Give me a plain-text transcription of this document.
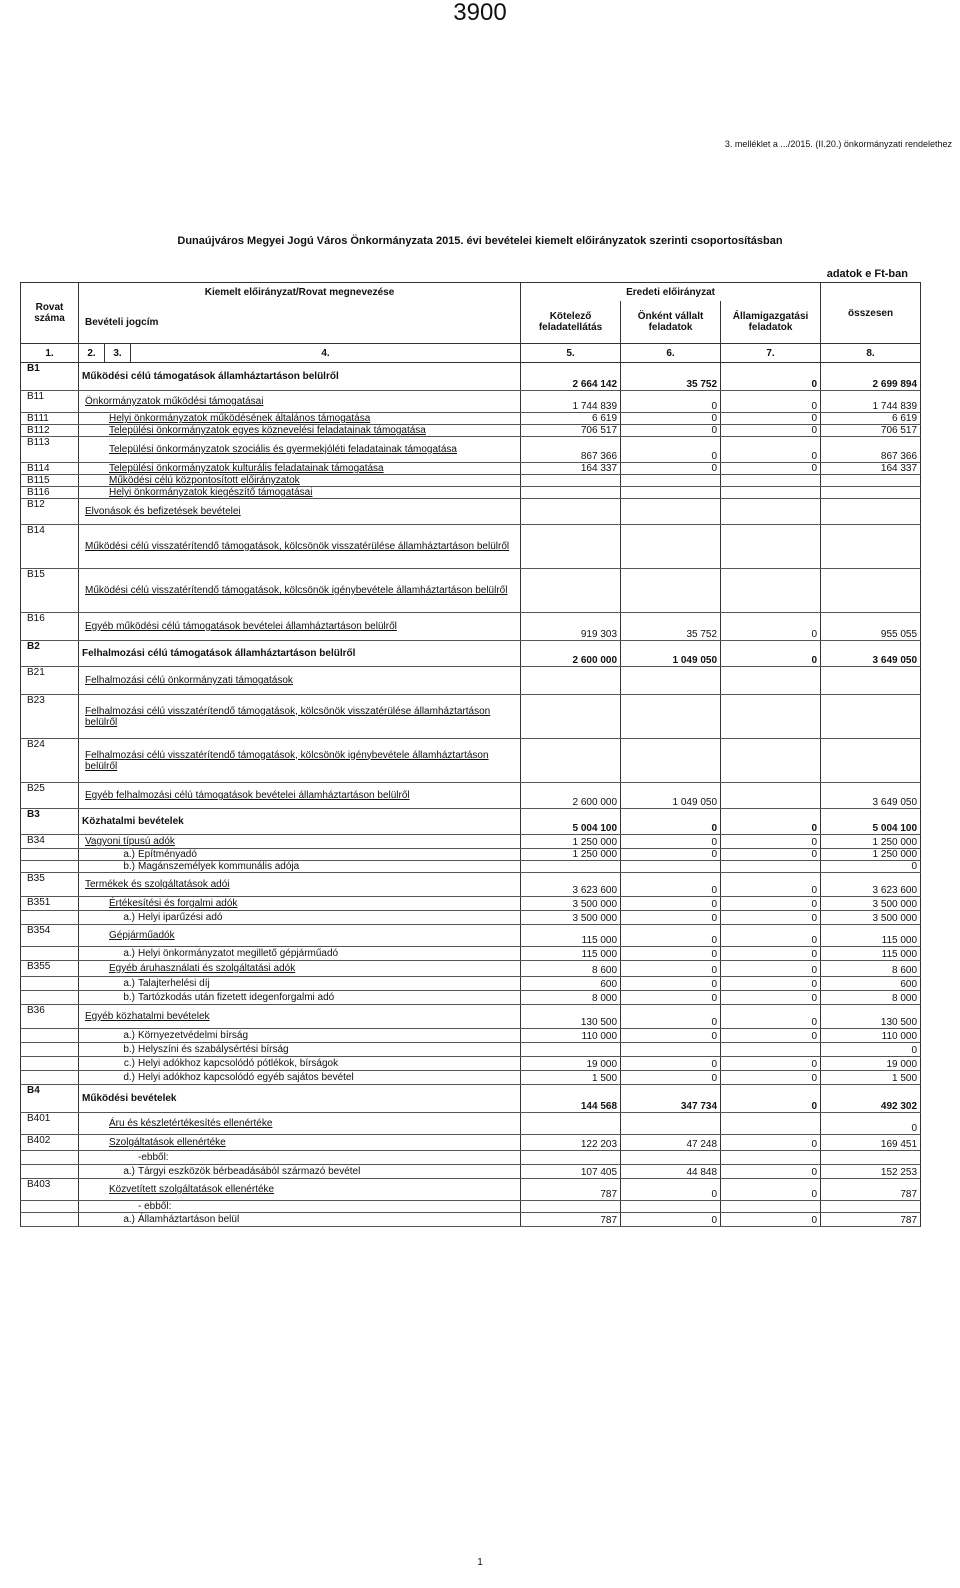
3900
3. melléklet a .../2015. (II.20.) önkormányzati rendelethez
Dunaújváros Megyei Jogú Város Önkormányzata 2015. évi bevételei kiemelt előirányzatok szerinti csoportosításban
adatok e Ft-ban
Rovat száma	Kiemelt előirányzat/Rovat megnevezése			Eredeti előirányzat			összesen
	Bevételi jogcím			Kötelező feladatellátás	Önként vállalt feladatok	Államigazgatási feladatok	
1.	2.	3.	4.	5.	6.	7.	8.
B1	Működési célú támogatások államháztartáson belülről			2 664 142	35 752	0	2 699 894
B11	Önkormányzatok működési támogatásai			1 744 839	0	0	1 744 839
B111	Helyi önkormányzatok működésének általános támogatása			6 619	0	0	6 619
B112	Települési önkormányzatok egyes köznevelési feladatainak támogatása			706 517	0	0	706 517
B113	Települési önkormányzatok szociális és gyermekjóléti feladatainak támogatása			867 366	0	0	867 366
B114	Települési önkormányzatok kulturális feladatainak támogatása			164 337	0	0	164 337
B115	Működési célú központosított előirányzatok						
B116	Helyi önkormányzatok kiegészítő támogatásai						
B12	Elvonások és befizetések bevételei						
B14	Működési célú visszatérítendő támogatások, kölcsönök visszatérülése államháztartáson belülről						
B15	Működési célú visszatérítendő támogatások, kölcsönök igénybevétele államháztartáson belülről						
B16	Egyéb működési célú támogatások bevételei államháztartáson belülről			919 303	35 752	0	955 055
B2	Felhalmozási célú támogatások államháztartáson belülről			2 600 000	1 049 050	0	3 649 050
B21	Felhalmozási célú önkormányzati támogatások						
B23	Felhalmozási célú visszatérítendő támogatások, kölcsönök visszatérülése államháztartáson belülről						
B24	Felhalmozási célú visszatérítendő támogatások, kölcsönök igénybevétele államháztartáson belülről						
B25	Egyéb felhalmozási célú támogatások bevételei államháztartáson belülről			2 600 000	1 049 050		3 649 050
B3	Közhatalmi bevételek			5 004 100	0	0	5 004 100
B34	Vagyoni típusú adók			1 250 000	0	0	1 250 000
	a.) Építményadó			1 250 000	0	0	1 250 000
	b.) Magánszemélyek kommunális adója						0
B35	Termékek és szolgáltatások adói			3 623 600	0	0	3 623 600
B351	Értékesítési és forgalmi adók			3 500 000	0	0	3 500 000
	a.) Helyi iparűzési adó			3 500 000	0	0	3 500 000
B354	Gépjárműadók			115 000	0	0	115 000
	a.) Helyi önkormányzatot megillető gépjárműadó			115 000	0	0	115 000
B355	Egyéb áruhasználati és szolgáltatási adók			8 600	0	0	8 600
	a.) Talajterhelési díj			600	0	0	600
	b.) Tartózkodás után fizetett idegenforgalmi adó			8 000	0	0	8 000
B36	Egyéb közhatalmi bevételek			130 500	0	0	130 500
	a.) Környezetvédelmi bírság			110 000	0	0	110 000
	b.) Helyszíni és szabálysértési bírság						0
	c.) Helyi adókhoz kapcsolódó pótlékok, bírságok			19 000	0	0	19 000
	d.) Helyi adókhoz kapcsolódó egyéb sajátos bevétel			1 500	0	0	1 500
B4	Működési bevételek			144 568	347 734	0	492 302
B401	Áru és készletértékesítés ellenértéke						0
B402	Szolgáltatások ellenértéke			122 203	47 248	0	169 451
	-ebből:						
	a.) Tárgyi eszközök bérbeadásából származó bevétel			107 405	44 848	0	152 253
B403	Közvetített szolgáltatások ellenértéke			787	0	0	787
	- ebből:						
	a.) Államháztartáson belül			787	0	0	787
1
